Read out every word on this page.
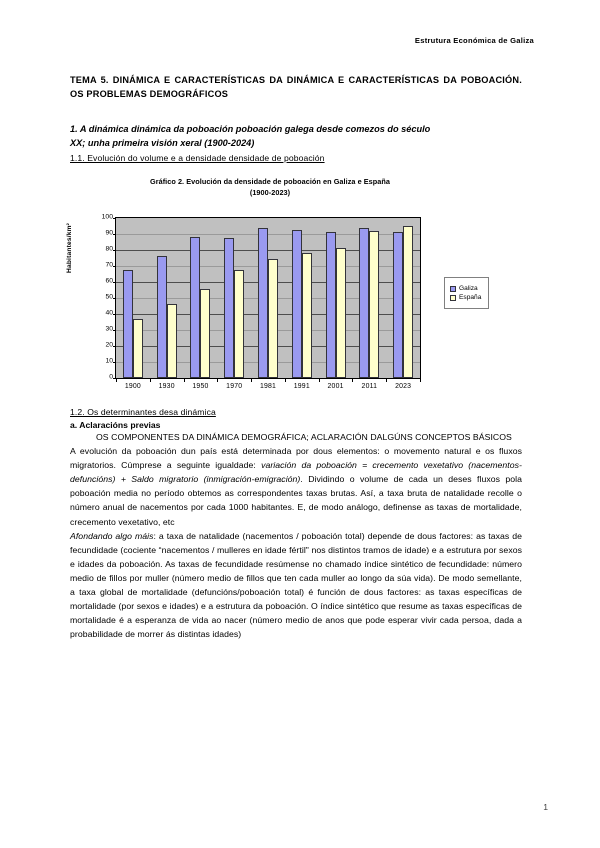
Estrutura Económica de Galiza
TEMA 5. DINÁMICA E CARACTERÍSTICAS DA DINÁMICA E CARACTERÍSTICAS DA POBOACIÓN. OS PROBLEMAS DEMOGRÁFICOS
1. A dinámica dinámica da poboación poboación galega desde comezos do século
XX; unha primeira visión xeral (1900-2024)
1.1. Evolución do volume e a densidade densidade de poboación
Gráfico 2. Evolución da densidade de poboación en Galiza e España
(1900-2023)
Habitantes/km²
0
10
20
30
40
50
60
70
80
90
100
1900	1930	1950	1970	1981	1991	2001	2011	2023
Galiza
España
1.2. Os determinantes desa dinámica
a. Aclaracións previas

OS COMPONENTES DA DINÁMICA DEMOGRÁFICA; ACLARACIÓN DALGÚNS CONCEPTOS BÁSICOS

A evolución da poboación dun país está determinada por dous elementos: o movemento natural e os fluxos migratorios. Cúmprese a seguinte igualdade: variación da poboación = crecemento vexetativo (nacementos-defuncións) + Saldo migratorio (inmigración-emigración). Dividindo o volume de cada un deses fluxos pola poboación media no período obtemos as correspondentes taxas brutas. Así, a taxa bruta de natalidade recolle o número anual de nacementos por cada 1000 habitantes. E, de modo análogo, definense as taxas de mortalidade, crecemento vexetativo, etc

Afondando algo máis: a taxa de natalidade (nacementos / poboación total) depende de dous factores: as taxas de fecundidade (cociente “nacementos / mulleres en idade fértil" nos distintos tramos de idade) e a estrutura por sexos e idades da poboación. As taxas de fecundidade resúmense no chamado índice sintético de fecundidade: número medio de fillos por muller (número medio de fillos que ten cada muller ao longo da súa vida). De modo semellante, a taxa global de mortalidade (defuncións/poboación total) é función de dous factores: as taxas específicas de mortalidade (por sexos e idades) e a estrutura da poboación. O índice sintético que resume as taxas específicas de mortalidade é a esperanza de vida ao nacer (número medio de anos que pode esperar vivir cada persoa, dada a probabilidade de morrer ás distintas idades)

1
